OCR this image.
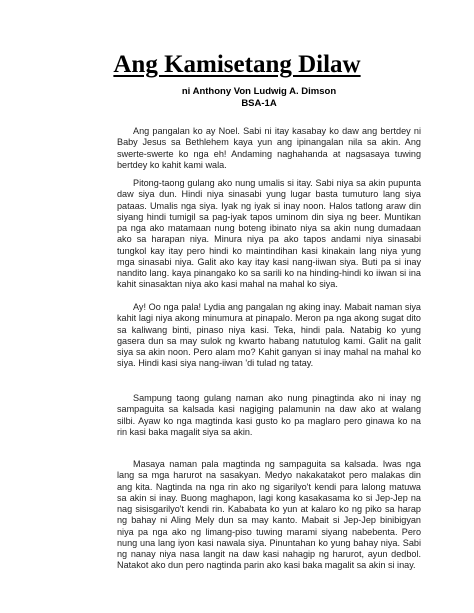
Ang Kamisetang Dilaw
ni Anthony Von Ludwig A. Dimson
BSA-1A

Ang pangalan ko ay Noel. Sabi ni itay kasabay ko daw ang bertdey ni Baby Jesus sa Bethlehem kaya yun ang ipinangalan nila sa akin. Ang swerte-swerte ko nga eh! Andaming naghahanda at nagsasaya tuwing bertdey ko kahit kami wala.

Pitong-taong gulang ako nung umalis si itay. Sabi niya sa akin pupunta daw siya dun. Hindi niya sinasabi yung lugar basta tumuturo lang siya pataas. Umalis nga siya. Iyak ng iyak si inay noon. Halos tatlong araw din siyang hindi tumigil sa pag-iyak tapos uminom din siya ng beer. Muntikan pa nga ako matamaan nung boteng ibinato niya sa akin nung dumadaan ako sa harapan niya. Minura niya pa ako tapos andami niya sinasabi tungkol kay itay pero hindi ko maintindihan kasi kinakain lang niya yung mga sinasabi niya. Galit ako kay itay kasi nang-iiwan siya. Buti pa si inay nandito lang. kaya pinangako ko sa sarili ko na hinding-hindi ko iiwan si ina kahit sinasaktan niya ako kasi mahal na mahal ko siya.

Ay! Oo nga pala! Lydia ang pangalan ng aking inay. Mabait naman siya kahit lagi niya akong minumura at pinapalo. Meron pa nga akong sugat dito sa kaliwang binti, pinaso niya kasi. Teka, hindi pala. Natabig ko yung gasera dun sa may sulok ng kwarto habang natutulog kami. Galit na galit siya sa akin noon. Pero alam mo? Kahit ganyan si inay mahal na mahal ko siya. Hindi kasi siya nang-iiwan 'di tulad ng tatay.

Sampung taong gulang naman ako nung pinagtinda ako ni inay ng sampaguita sa kalsada kasi nagiging palamunin na daw ako at walang silbi. Ayaw ko nga magtinda kasi gusto ko pa maglaro pero ginawa ko na rin kasi baka magalit siya sa akin.

Masaya naman pala magtinda ng sampaguita sa kalsada. Iwas nga lang sa mga harurot na sasakyan. Medyo nakakatakot pero malakas din ang kita. Nagtinda na nga rin ako ng sigarilyo't kendi para lalong matuwa sa akin si inay. Buong maghapon, lagi kong kasakasama ko si Jep-Jep na nag sisisgarilyo't kendi rin. Kababata ko yun at kalaro ko ng piko sa harap ng bahay ni Aling Mely dun sa may kanto. Mabait si Jep-Jep binibigyan niya pa nga ako ng limang-piso tuwing marami siyang nabebenta. Pero nung una lang iyon kasi nawala siya. Pinuntahan ko yung bahay niya. Sabi ng nanay niya nasa langit na daw kasi nahagip ng harurot, ayun dedbol. Natakot ako dun pero nagtinda parin ako kasi baka magalit sa akin si inay.
